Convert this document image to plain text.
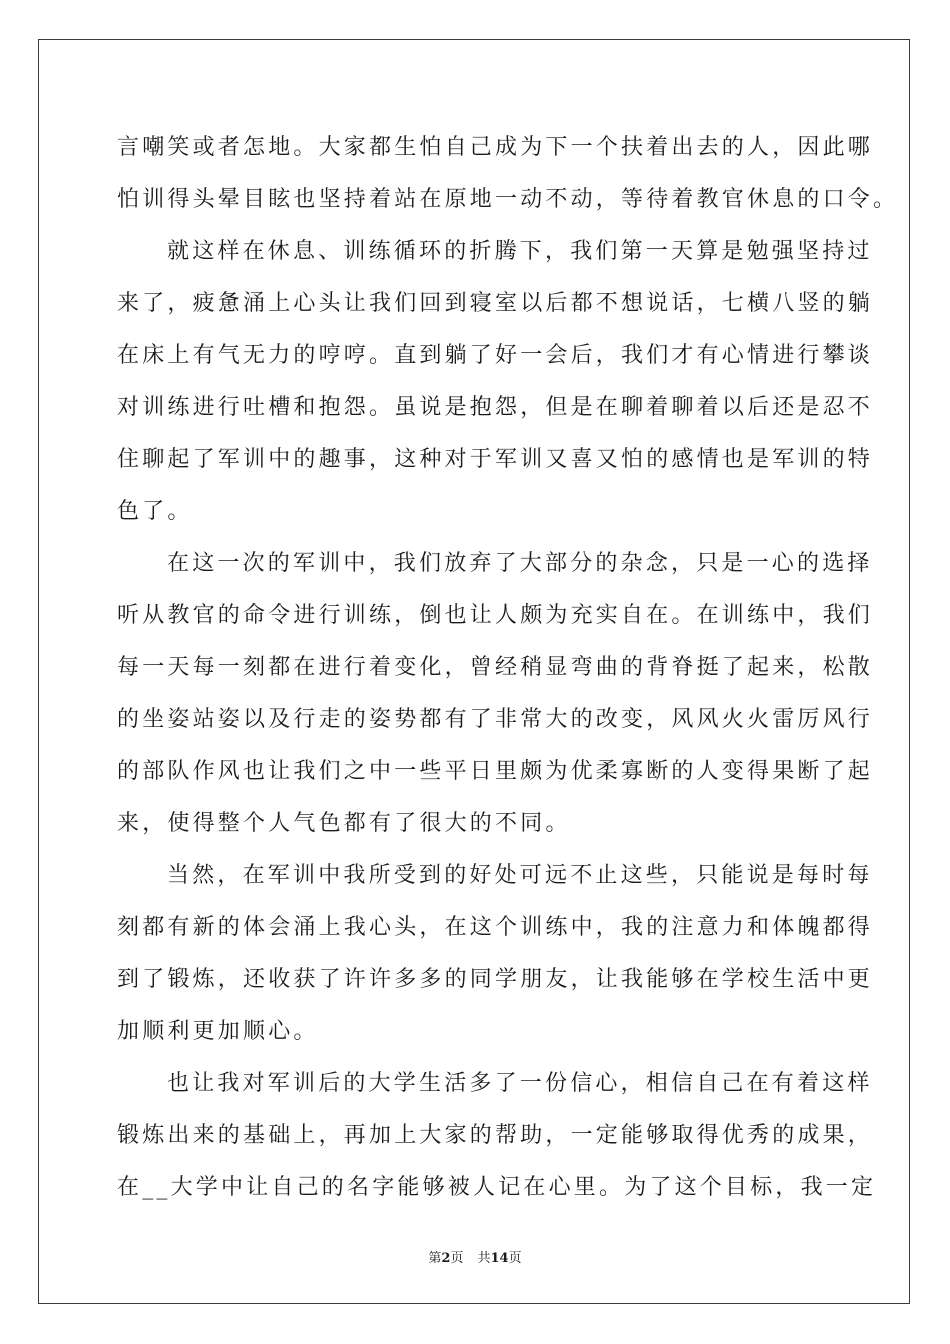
言嘲笑或者怎地。大家都生怕自己成为下一个扶着出去的人，因此哪
怕训得头晕目眩也坚持着站在原地一动不动，等待着教官休息的口令。
就这样在休息、训练循环的折腾下，我们第一天算是勉强坚持过
来了，疲惫涌上心头让我们回到寝室以后都不想说话，七横八竖的躺
在床上有气无力的哼哼。直到躺了好一会后，我们才有心情进行攀谈
对训练进行吐槽和抱怨。虽说是抱怨，但是在聊着聊着以后还是忍不
住聊起了军训中的趣事，这种对于军训又喜又怕的感情也是军训的特
色了。
在这一次的军训中，我们放弃了大部分的杂念，只是一心的选择
听从教官的命令进行训练，倒也让人颇为充实自在。在训练中，我们
每一天每一刻都在进行着变化，曾经稍显弯曲的背脊挺了起来，松散
的坐姿站姿以及行走的姿势都有了非常大的改变，风风火火雷厉风行
的部队作风也让我们之中一些平日里颇为优柔寡断的人变得果断了起
来，使得整个人气色都有了很大的不同。
当然，在军训中我所受到的好处可远不止这些，只能说是每时每
刻都有新的体会涌上我心头，在这个训练中，我的注意力和体魄都得
到了锻炼，还收获了许许多多的同学朋友，让我能够在学校生活中更
加顺利更加顺心。
也让我对军训后的大学生活多了一份信心，相信自己在有着这样
锻炼出来的基础上，再加上大家的帮助，一定能够取得优秀的成果，
在__大学中让自己的名字能够被人记在心里。为了这个目标，我一定
第2页 共14页
